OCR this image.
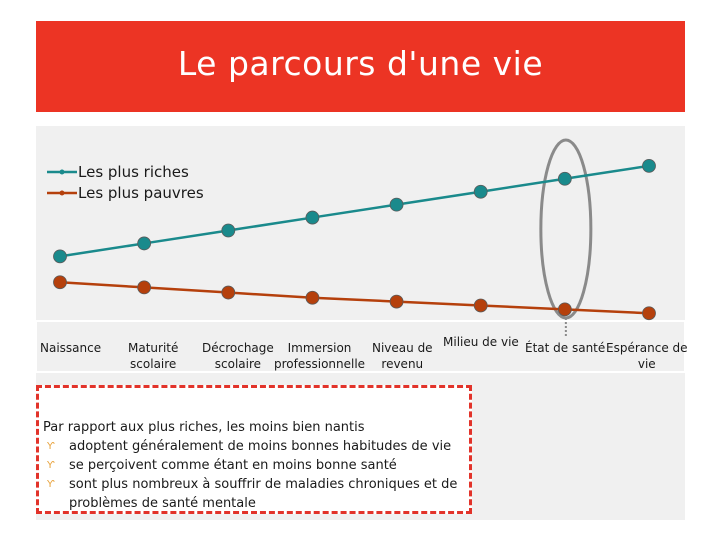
Le parcours d'une vie
Les plus riches
Les plus pauvres
Naissance Maturité
scolaire
Décrochage
scolaire
Immersion
professionnelle
Niveau de
revenu
Milieu de vie État de santé Espérance de
vie

Par rapport aux plus riches, les moins bien nantis

Ƴ adoptent généralement de moins bonnes habitudes de vie
Ƴ se perçoivent comme étant en moins bonne santé
Ƴ sont plus nombreux à souffrir de maladies chroniques et de problèmes de santé mentale
